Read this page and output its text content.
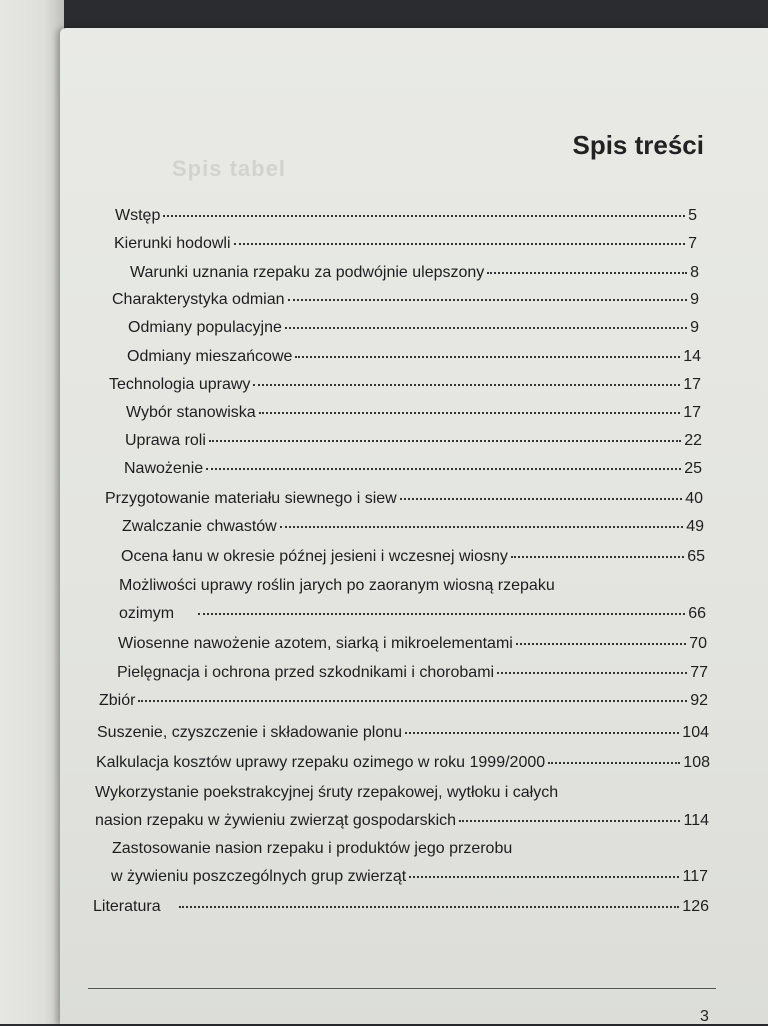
Spis tabel
Spis treści
Wstęp	5
Kierunki hodowli	7
Warunki uznania rzepaku za podwójnie ulepszony	8
Charakterystyka odmian	9
Odmiany populacyjne	9
Odmiany mieszańcowe	14
Technologia uprawy	17
Wybór stanowiska	17
Uprawa roli	22
Nawożenie	25
Przygotowanie materiału siewnego i siew	40
Zwalczanie chwastów	49
Ocena łanu w okresie późnej jesieni i wczesnej wiosny	65
Możliwości uprawy roślin jarych po zaoranym wiosną rzepaku
ozimym	66
Wiosenne nawożenie azotem, siarką i mikroelementami	70
Pielęgnacja i ochrona przed szkodnikami i chorobami	77
Zbiór	92
Suszenie, czyszczenie i składowanie plonu	104
Kalkulacja kosztów uprawy rzepaku ozimego w roku 1999/2000	108
Wykorzystanie poekstrakcyjnej śruty rzepakowej, wytłoku i całych
nasion rzepaku w żywieniu zwierząt gospodarskich	114
Zastosowanie nasion rzepaku i produktów jego przerobu
w żywieniu poszczególnych grup zwierząt	117
Literatura	126
3
